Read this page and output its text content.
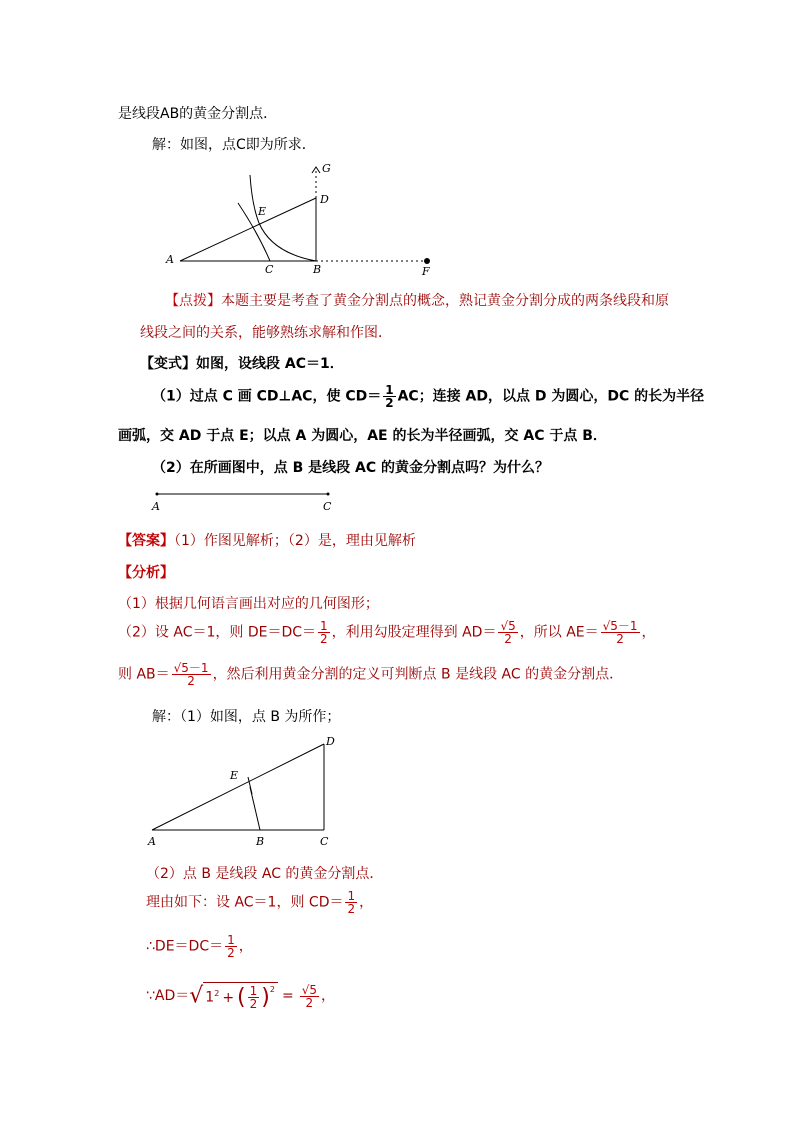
是线段AB的黄金分割点．
解：如图，点C即为所求．
A
C	B	F
E
D
G
【点拨】本题主要是考查了黄金分割点的概念，熟记黄金分割分成的两条线段和原
线段之间的关系，能够熟练求解和作图．
【变式】如图，设线段 AC＝1．
（1）过点 C 画 CD⊥AC，使 $CD= \frac{1}{2}$ AC；连接 AD，以点 D 为圆心，DC 的长为半径
画弧，交 AD 于点 E；以点 A 为圆心，AE 的长为半径画弧，交 AC 于点 B．
（2）在所画图中，点 B 是线段 AC 的黄金分割点吗？为什么？
A	C
【答案】（1）作图见解析；（2）是，理由见解析
【分析】
（1）根据几何语言画出对应的几何图形；
（2）设 AC＝1，则 $DE=DC= \frac{1}{2}$ ，利用勾股定理得到 $AD= \frac{√5}{2}$ ，所以 $AE= \frac{√5-1}{2}$ ，
则 $AB= \frac{√5-1}{2}$ ，然后利用黄金分割的定义可判断点 B 是线段 AC 的黄金分割点．
解：（1）如图，点 B 为所作；
A	B	C
D
E
（2）点 B 是线段 AC 的黄金分割点．
理由如下：设 AC＝1，则 $CD= \frac{1}{2}$ ，
∴DE＝DC＝ $\frac{1}{2}$ ，
∵AD＝√ $1^2$ + ( $\frac{1}{2} )^2 = \frac{√5}{2}$ ，
